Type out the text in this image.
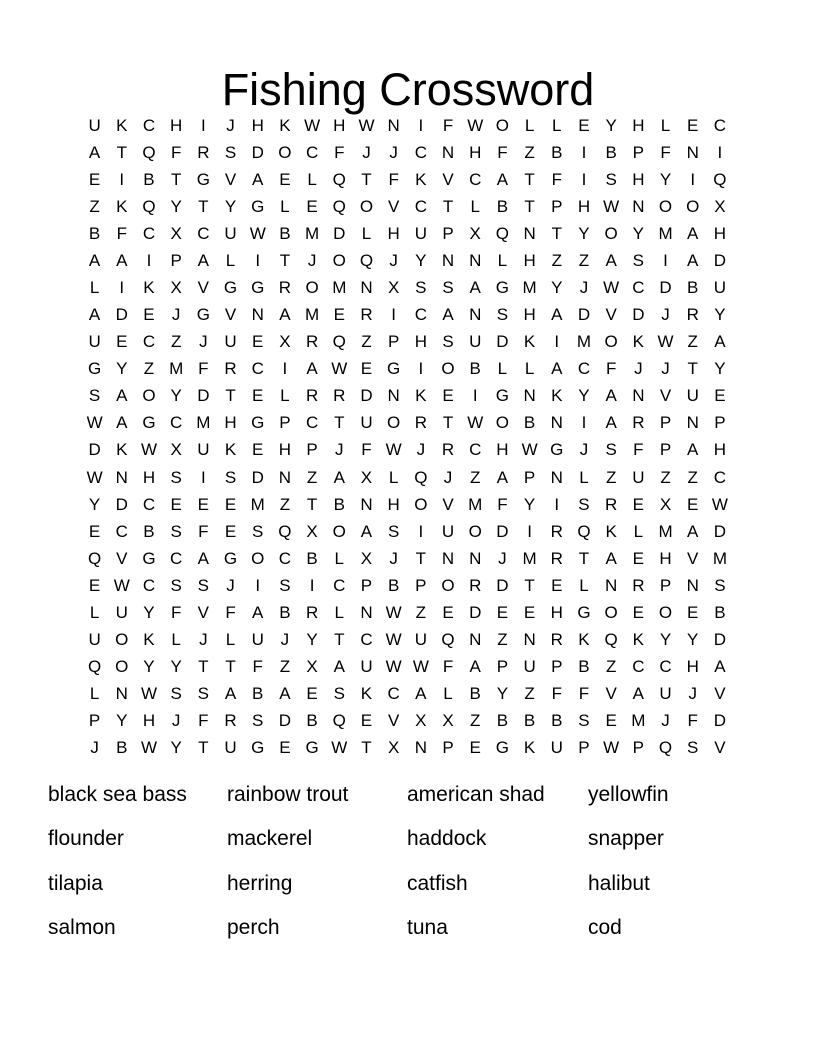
Fishing Crossword
U K C H	I	J H K W H W N	I	F W O L	L E Y H L E C
A T Q F R S D O C F	J	J C N H F Z B	I	B P F N	I
E	I	B T G V A E L Q T F K V C A T F	I	S H Y	I	Q
Z K Q Y T Y G L E Q O V C T	L B T P H W N O O X
B F C X C U W B M D L H U P X Q N T Y O Y M A H
A A	I	P A L	I	T	J O Q J	Y N N L H Z Z A S	I	A D
L	I	K X V G G R O M N X S S A G M Y	J W C D B U
A D E	J G V N A M E R	I	C A N S H A D V D J R Y
U E C Z	J U E X R Q Z P H S U D K	I	M O K W Z A
G Y Z M F R C	I	A W E G	I	O B L	L A C F	J	J	T Y
S A O Y D T E L R R D N K E	I	G N K Y A N V U E
W A G C M H G P C T U O R T W O B N	I	A R P N P
D K W X U K E H P	J	F W J R C H W G J	S F P A H
W N H S	I	S D N Z A X L Q J	Z A P N L	Z U Z Z C
Y D C E E E M Z T B N H O V M F Y	I	S R E X E W
E C B S F E S Q X O A S	I	U O D	I	R Q K L M A D
Q V G C A G O C B L X	J	T N N J M R T A E H V M
E W C S S	J	I	S	I	C P B P O R D T E L N R P N S
L U Y F V F A B R L N W Z E D E E H G O E O E B
U O K L	J	L U J	Y T C W U Q N Z N R K Q K Y Y D
Q O Y Y T T F Z X A U W W F A P U P B Z C C H A
L N W S S A B A E S K C A L B Y Z F F V A U J	V
P Y H J	F R S D B Q E V X X Z B B B S E M J	F D
J	B W Y T U G E G W T X N P E G K U P W P Q S V
black sea bass	rainbow trout	american shad	yellowfin
flounder	mackerel	haddock	snapper
tilapia	herring	catfish	halibut
salmon	perch	tuna	cod
